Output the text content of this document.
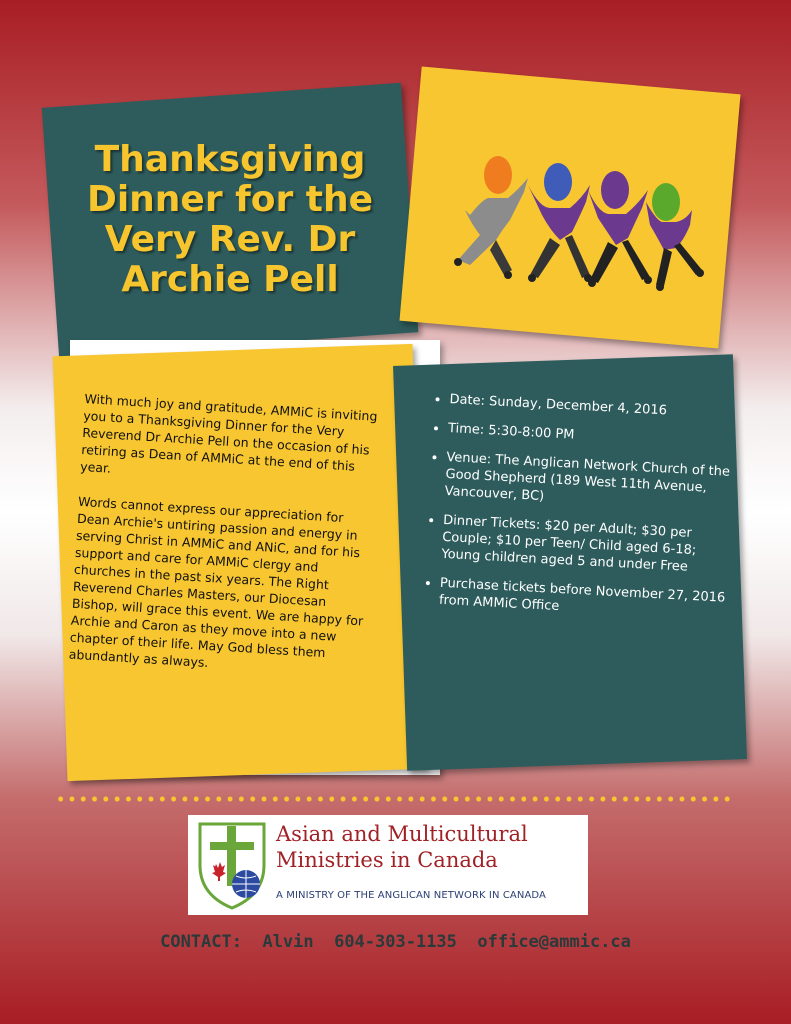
Thanksgiving Dinner for the Very Rev. Dr Archie Pell

With much joy and gratitude, AMMiC is inviting you to a Thanksgiving Dinner for the Very Reverend Dr Archie Pell on the occasion of his retiring as Dean of AMMiC at the end of this year.

Words cannot express our appreciation for Dean Archie's untiring passion and energy in serving Christ in AMMiC and ANiC, and for his support and care for AMMiC clergy and churches in the past six years. The Right Reverend Charles Masters, our Diocesan Bishop, will grace this event. We are happy for Archie and Caron as they move into a new chapter of their life. May God bless them abundantly as always.

• Date: Sunday, December 4, 2016
• Time: 5:30-8:00 PM
• Venue: The Anglican Network Church of the Good Shepherd (189 West 11th Avenue, Vancouver, BC)
• Dinner Tickets: $20 per Adult; $30 per Couple; $10 per Teen/ Child aged 6-18; Young children aged 5 and under Free
• Purchase tickets before November 27, 2016 from AMMiC Office

Asian and Multicultural Ministries in Canada

A MINISTRY OF THE ANGLICAN NETWORK IN CANADA

CONTACT:  Alvin  604-303-1135  office@ammic.ca
